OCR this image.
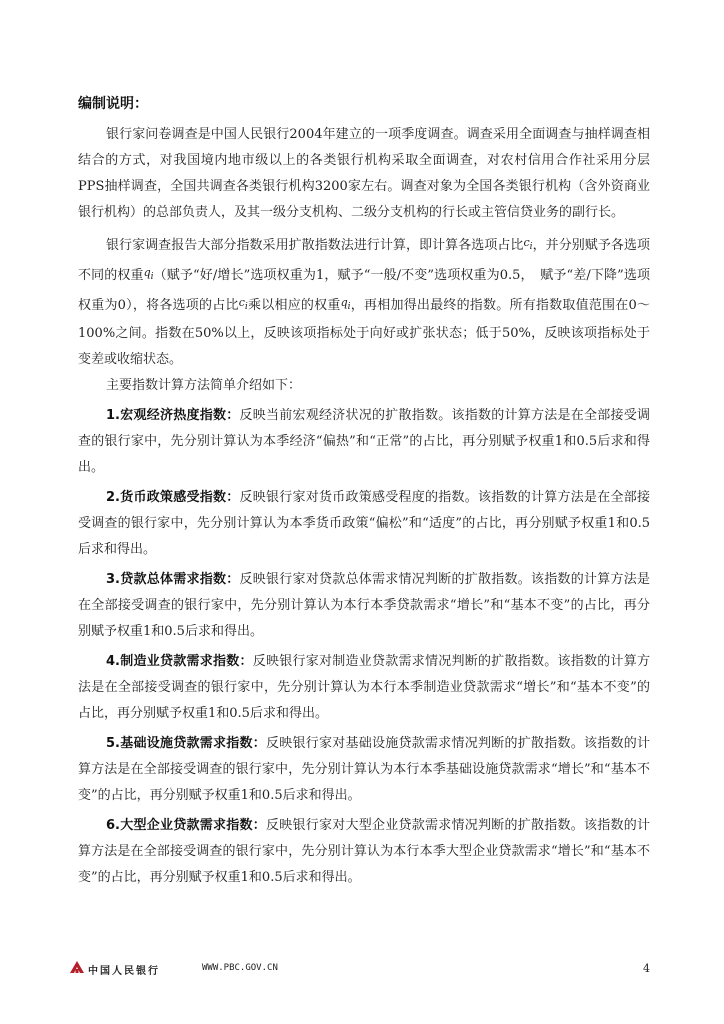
编制说明：

银行家问卷调查是中国人民银行2004年建立的一项季度调查。调查采用全面调查与抽样调查相结合的方式，对我国境内地市级以上的各类银行机构采取全面调查，对农村信用合作社采用分层PPS抽样调查，全国共调查各类银行机构3200家左右。调查对象为全国各类银行机构（含外资商业银行机构）的总部负责人，及其一级分支机构、二级分支机构的行长或主管信贷业务的副行长。

银行家调查报告大部分指数采用扩散指数法进行计算，即计算各选项占比$^{c_i}$，并分别赋予各选项不同的权重$^{q_i}$（赋予“好/增长”选项权重为1，赋予“一般/不变”选项权重为0.5，　赋予“差/下降”选项权重为0），将各选项的占比$^{c_i}$乘以相应的权重$^{q_i}$，再相加得出最终的指数。所有指数取值范围在0～100%之间。指数在50%以上，反映该项指标处于向好或扩张状态；低于50%，反映该项指标处于变差或收缩状态。

主要指数计算方法简单介绍如下：

1.宏观经济热度指数：反映当前宏观经济状况的扩散指数。该指数的计算方法是在全部接受调查的银行家中，先分别计算认为本季经济“偏热”和“正常”的占比，再分别赋予权重1和0.5后求和得出。

2.货币政策感受指数：反映银行家对货币政策感受程度的指数。该指数的计算方法是在全部接受调查的银行家中，先分别计算认为本季货币政策“偏松”和“适度”的占比，再分别赋予权重1和0.5后求和得出。

3.贷款总体需求指数：反映银行家对贷款总体需求情况判断的扩散指数。该指数的计算方法是在全部接受调查的银行家中，先分别计算认为本行本季贷款需求“增长”和“基本不变”的占比，再分别赋予权重1和0.5后求和得出。

4.制造业贷款需求指数：反映银行家对制造业贷款需求情况判断的扩散指数。该指数的计算方法是在全部接受调查的银行家中，先分别计算认为本行本季制造业贷款需求“增长”和“基本不变”的占比，再分别赋予权重1和0.5后求和得出。

5.基础设施贷款需求指数：反映银行家对基础设施贷款需求情况判断的扩散指数。该指数的计算方法是在全部接受调查的银行家中，先分别计算认为本行本季基础设施贷款需求“增长”和“基本不变”的占比，再分别赋予权重1和0.5后求和得出。

6.大型企业贷款需求指数：反映银行家对大型企业贷款需求情况判断的扩散指数。该指数的计算方法是在全部接受调查的银行家中，先分别计算认为本行本季大型企业贷款需求“增长”和“基本不变”的占比，再分别赋予权重1和0.5后求和得出。

中国人民银行	WWW.PBC.GOV.CN	4
